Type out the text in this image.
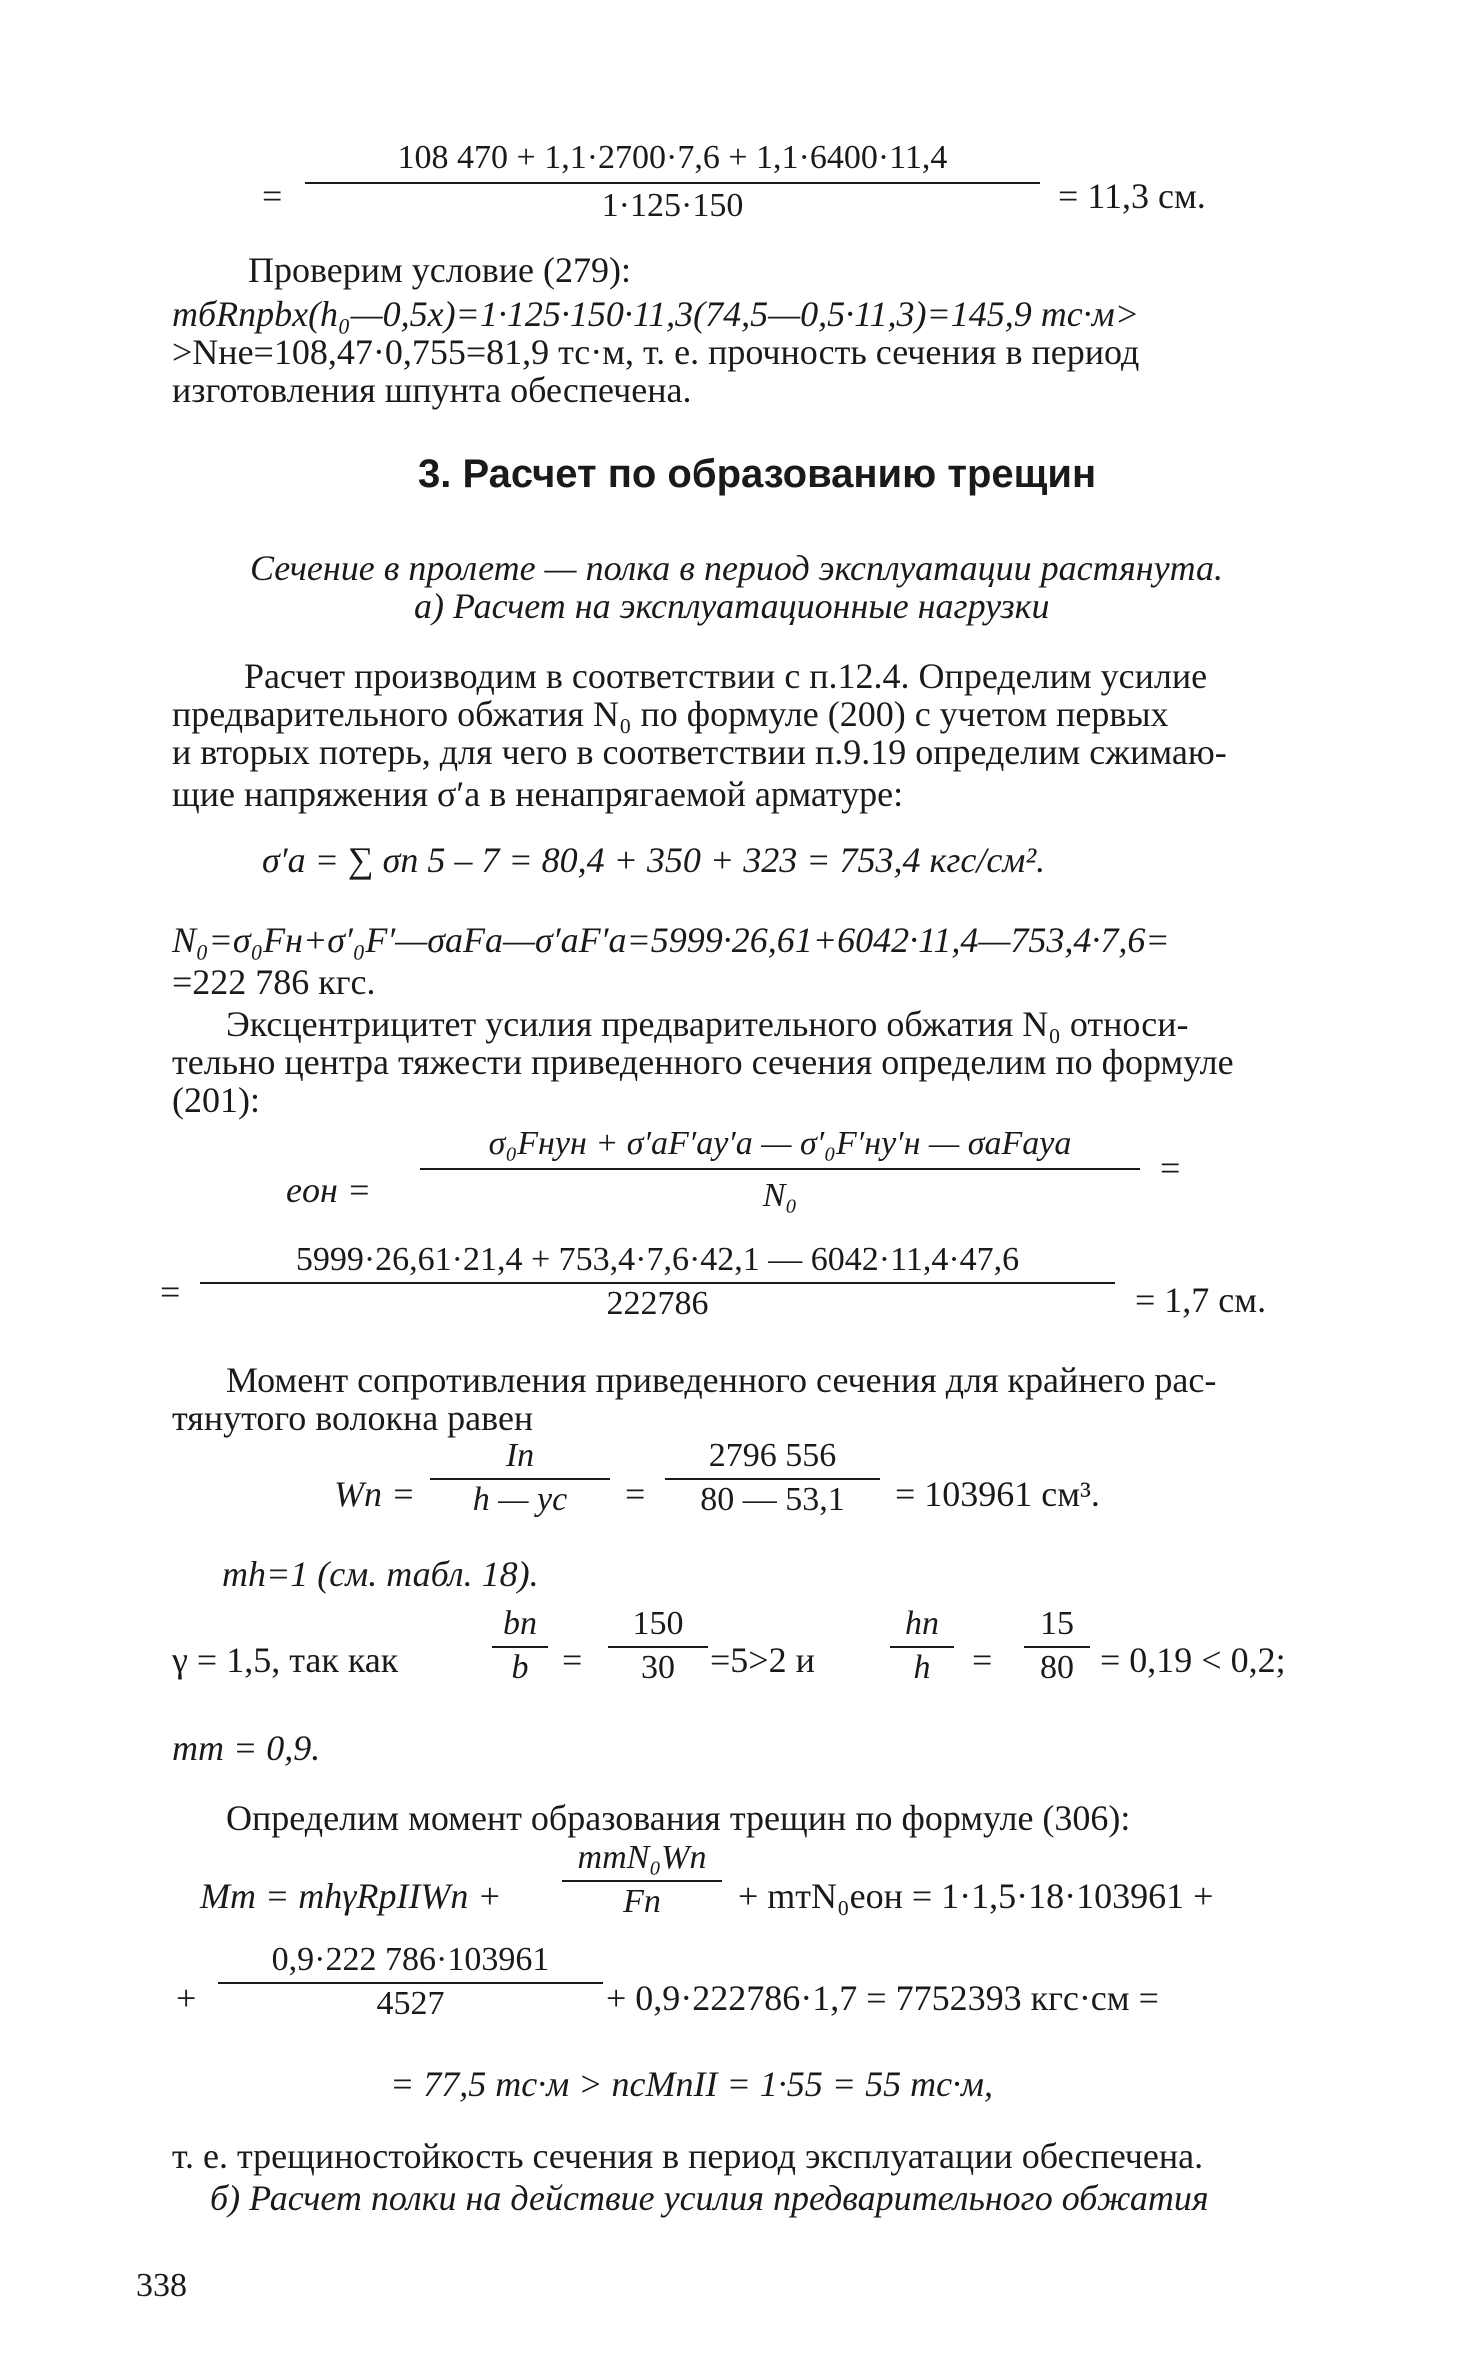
=
108 470 + 1,1·2700·7,6 + 1,1·6400·11,4
1·125·150	= 11,3 см.
Проверим условие (279):
mбRпрbx(h₀—0,5x)=1·125·150·11,3(74,5—0,5·11,3)=145,9 тс·м>
>Nнe=108,47·0,755=81,9 тс·м, т. е. прочность сечения в период
изготовления шпунта обеспечена.
3. Расчет по образованию трещин
Сечение в пролете — полка в период эксплуатации растянута.
а) Расчет на эксплуатационные нагрузки
Расчет производим в соответствии с п.12.4. Определим усилие
предварительного обжатия N₀ по формуле (200) с учетом первых
и вторых потерь, для чего в соответствии п.9.19 определим сжимаю-
щие напряжения σ′а в ненапрягаемой арматуре:
σ′а = ∑ σп 5 – 7 = 80,4 + 350 + 323 = 753,4 кгс/см².
N₀=σ₀Fн+σ′₀F′—σаFа—σ′аF′а=5999·26,61+6042·11,4—753,4·7,6=
=222 786 кгс.
Эксцентрицитет усилия предварительного обжатия N₀ относи-
тельно центра тяжести приведенного сечения определим по формуле
(201):
eон =
σ₀Fнyн + σ′аF′аy′а — σ′₀F′нy′н — σаFаyа
N₀
=
=
5999·26,61·21,4 + 753,4·7,6·42,1 — 6042·11,4·47,6
222786	= 1,7 см.
Момент сопротивления приведенного сечения для крайнего рас-
тянутого волокна равен
Wп =
Iп
h — yс	=
2796 556
80 — 53,1	= 103961 см³.
mh=1 (см. табл. 18).
γ = 1,5, так как
bп
b =
150
30 =5>2 и
hп
h	=
15
80 = 0,19 < 0,2;
mт = 0,9.
Определим момент образования трещин по формуле (306):
Mт = mhγRpIIWп +
mтN₀Wп
Fп	+ mтN₀eон = 1·1,5·18·103961 +
+
0,9·222 786·103961
4527	+ 0,9·222786·1,7 = 7752393 кгс·см =
= 77,5 тс·м > ncMпII = 1·55 = 55 тс·м,
т. е. трещиностойкость сечения в период эксплуатации обеспечена.
б) Расчет полки на действие усилия предварительного обжатия
338
